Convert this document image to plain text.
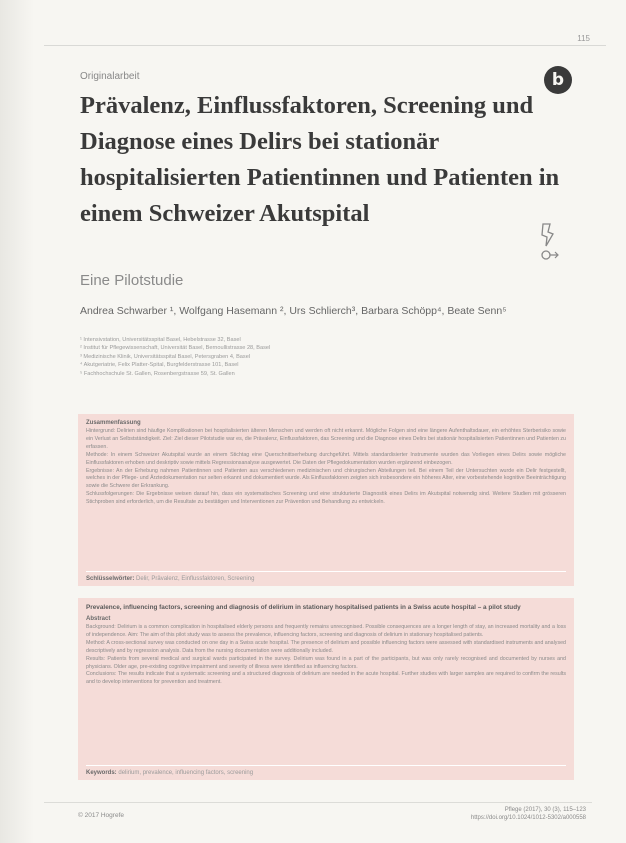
115
b
Originalarbeit
Prävalenz, Einflussfaktoren, Screening und Diagnose eines Delirs bei stationär hospitalisierten Patientinnen und Patienten in einem Schweizer Akutspital
Eine Pilotstudie
Andrea Schwarber ¹, Wolfgang Hasemann ², Urs Schlierch³, Barbara Schöpp⁴, Beate Senn⁵
¹ Intensivstation, Universitätsspital Basel, Hebelstrasse 32, Basel
² Institut für Pflegewissenschaft, Universität Basel, Bernoullistrasse 28, Basel
³ Medizinische Klinik, Universitätsspital Basel, Petersgraben 4, Basel
⁴ Akutgeriatrie, Felix Platter-Spital, Burgfelderstrasse 101, Basel
⁵ Fachhochschule St. Gallen, Rosenbergstrasse 59, St. Gallen
Zusammenfassung

Hintergrund: Delirien sind häufige Komplikationen bei hospitalisierten älteren Menschen und werden oft nicht erkannt. Mögliche Folgen sind eine längere Aufenthaltsdauer, ein erhöhtes Sterberisiko sowie ein Verlust an Selbstständigkeit. Ziel: Ziel dieser Pilotstudie war es, die Prävalenz, Einflussfaktoren, das Screening und die Diagnose eines Delirs bei stationär hospitalisierten Patientinnen und Patienten zu erfassen.

Methode: In einem Schweizer Akutspital wurde an einem Stichtag eine Querschnittserhebung durchgeführt. Mittels standardisierter Instrumente wurden das Vorliegen eines Delirs sowie mögliche Einflussfaktoren erhoben und deskriptiv sowie mittels Regressionsanalyse ausgewertet. Die Daten der Pflegedokumentation wurden ergänzend einbezogen.

Ergebnisse: An der Erhebung nahmen Patientinnen und Patienten aus verschiedenen medizinischen und chirurgischen Abteilungen teil. Bei einem Teil der Untersuchten wurde ein Delir festgestellt, welches in der Pflege- und Ärztedokumentation nur selten erkannt und dokumentiert wurde. Als Einflussfaktoren zeigten sich insbesondere ein höheres Alter, eine vorbestehende kognitive Beeinträchtigung sowie die Schwere der Erkrankung.

Schlussfolgerungen: Die Ergebnisse weisen darauf hin, dass ein systematisches Screening und eine strukturierte Diagnostik eines Delirs im Akutspital notwendig sind. Weitere Studien mit grösseren Stichproben sind erforderlich, um die Resultate zu bestätigen und Interventionen zur Prävention und Behandlung zu entwickeln.

Schlüsselwörter: Delir, Prävalenz, Einflussfaktoren, Screening
Prevalence, influencing factors, screening and diagnosis of delirium in stationary hospitalised patients in a Swiss acute hospital – a pilot study
Abstract

Background: Delirium is a common complication in hospitalised elderly persons and frequently remains unrecognised. Possible consequences are a longer length of stay, an increased mortality and a loss of independence. Aim: The aim of this pilot study was to assess the prevalence, influencing factors, screening and diagnosis of delirium in stationary hospitalised patients.

Method: A cross-sectional survey was conducted on one day in a Swiss acute hospital. The presence of delirium and possible influencing factors were assessed with standardised instruments and analysed descriptively and by regression analysis. Data from the nursing documentation were additionally included.

Results: Patients from several medical and surgical wards participated in the survey. Delirium was found in a part of the participants, but was only rarely recognised and documented by nurses and physicians. Older age, pre-existing cognitive impairment and severity of illness were identified as influencing factors.

Conclusions: The results indicate that a systematic screening and a structured diagnosis of delirium are needed in the acute hospital. Further studies with larger samples are required to confirm the results and to develop interventions for prevention and treatment.

Keywords: delirium, prevalence, influencing factors, screening
© 2017 Hogrefe
Pflege (2017), 30 (3), 115–123
https://doi.org/10.1024/1012-5302/a000558
